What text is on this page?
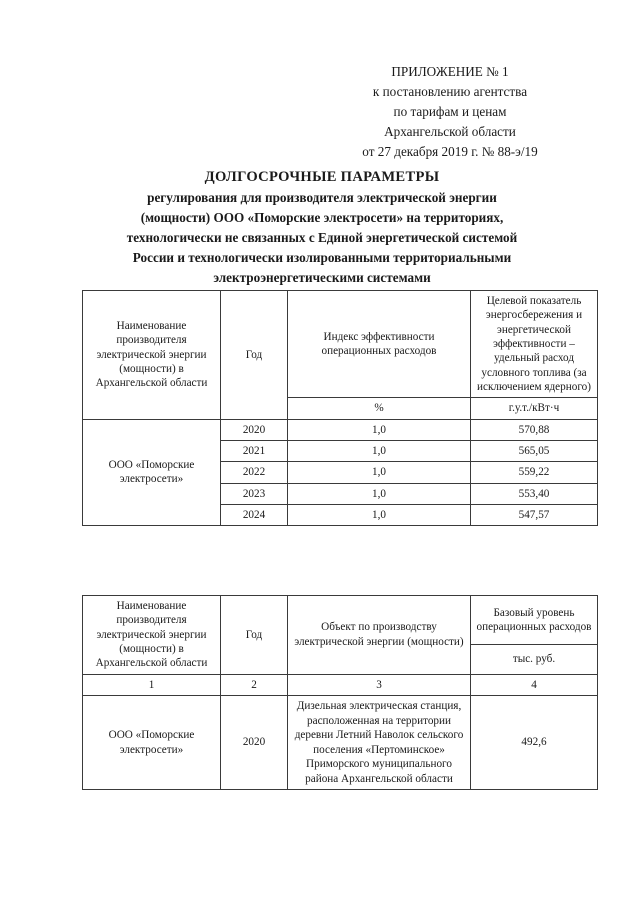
ПРИЛОЖЕНИЕ № 1
к постановлению агентства
по тарифам и ценам
Архангельской области
от 27 декабря 2019 г. № 88-э/19
ДОЛГОСРОЧНЫЕ ПАРАМЕТРЫ
регулирования для производителя электрической энергии
(мощности) ООО «Поморские электросети» на территориях,
технологически не связанных с Единой энергетической системой
России и технологически изолированными территориальными
электроэнергетическими системами
Наименование производителя электрической энергии (мощности) в Архангельской области	Год	Индекс эффективности операционных расходов	Целевой показатель энергосбережения и энергетической эффективности – удельный расход условного топлива (за исключением ядерного)
		%	г.у.т./кВт·ч
ООО «Поморские электросети»	2020	1,0	570,88
	2021	1,0	565,05
	2022	1,0	559,22
	2023	1,0	553,40
	2024	1,0	547,57
Наименование производителя электрической энергии (мощности) в Архангельской области	Год	Объект по производству электрической энергии (мощности)	Базовый уровень операционных расходов
			тыс. руб.
1	2	3	4
ООО «Поморские электросети»	2020	Дизельная электрическая станция, расположенная на территории деревни Летний Наволок сельского поселения «Пертоминское» Приморского муниципального района Архангельской области	492,6
